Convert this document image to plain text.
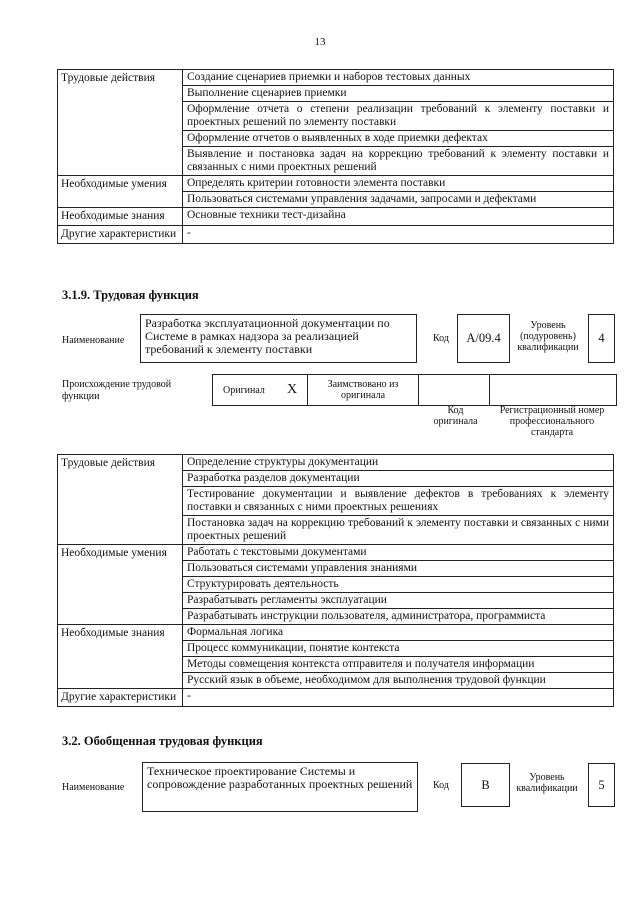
13
Трудовые действия	Создание сценариев приемки и наборов тестовых данных
	Выполнение сценариев приемки
	Оформление отчета о степени реализации требований к элементу поставки и проектных решений по элементу поставки
	Оформление отчетов о выявленных в ходе приемки дефектах
	Выявление и постановка задач на коррекцию требований к элементу поставки и связанных с ними проектных решений
Необходимые умения	Определять критерии готовности элемента поставки
	Пользоваться системами управления задачами, запросами и дефектами
Необходимые знания	Основные техники тест-дизайна
Другие характеристики	-
3.1.9. Трудовая функция
Наименование
Разработка эксплуатационной документации по Системе в рамках надзора за реализацией требований к элементу поставки
Код A/09.4
Уровень (подуровень) квалификации
4
Происхождение трудовой функции
Оригинал X	Заимствовано из оригинала
Код оригинала
Регистрационный номер профессионального стандарта
Трудовые действия	Определение структуры документации
	Разработка разделов документации
	Тестирование документации и выявление дефектов в требованиях к элементу поставки и связанных с ними проектных решениях
	Постановка задач на коррекцию требований к элементу поставки и связанных с ними проектных решений
Необходимые умения	Работать с текстовыми документами
	Пользоваться системами управления знаниями
	Структурировать деятельность
	Разрабатывать регламенты эксплуатации
	Разрабатывать инструкции пользователя, администратора, программиста
Необходимые знания	Формальная логика
	Процесс коммуникации, понятие контекста
	Методы совмещения контекста отправителя и получателя информации
	Русский язык в объеме, необходимом для выполнения трудовой функции
Другие характеристики	-
3.2. Обобщенная трудовая функция
Наименование
Техническое проектирование Системы и сопровождение разработанных проектных решений	Код	B	Уровень квалификации	5
